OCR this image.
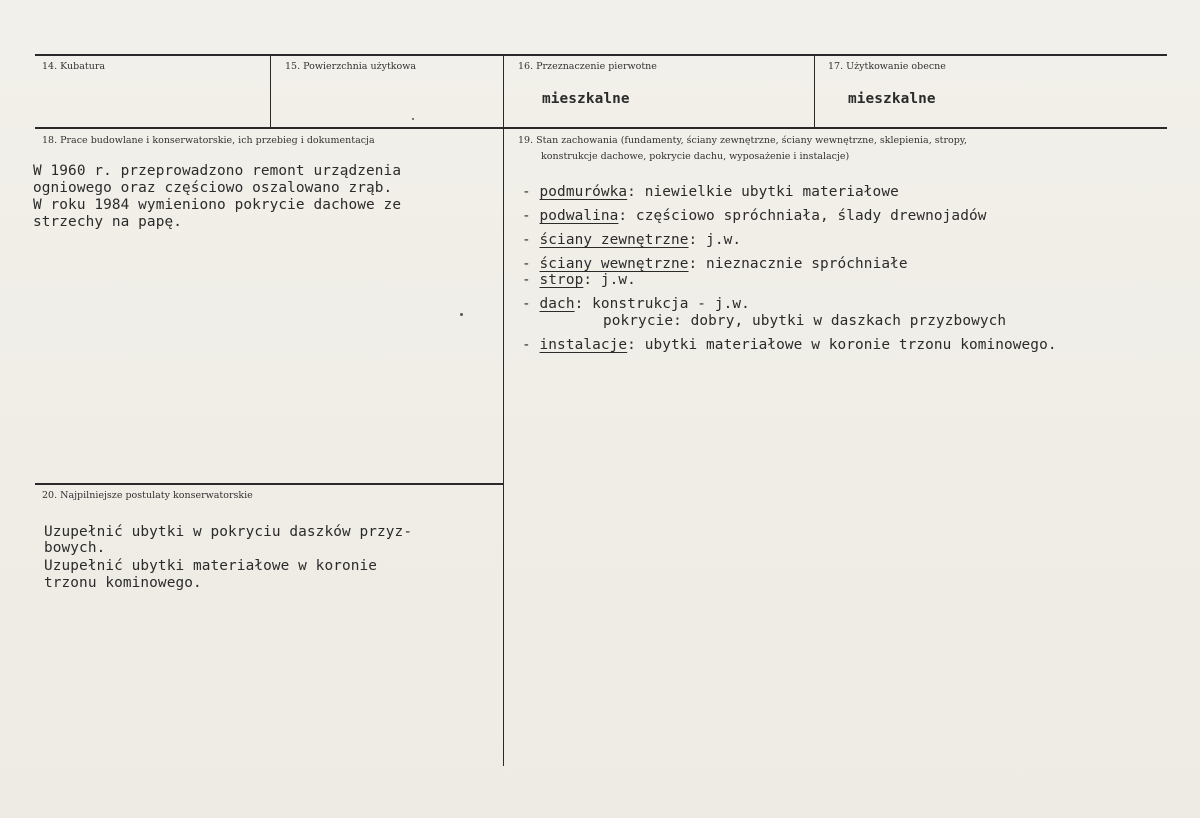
14. Kubatura	15. Powierzchnia użytkowa	16. Przeznaczenie pierwotne
mieszkalne
17. Użytkowanie obecne
mieszkalne
18. Prace budowlane i konserwatorskie, ich przebieg i dokumentacja
W 1960 r. przeprowadzono remont urządzenia
ogniowego oraz częściowo oszalowano zrąb.
W roku 1984 wymieniono pokrycie dachowe ze
strzechy na papę.
19. Stan zachowania (fundamenty, ściany zewnętrzne, ściany wewnętrzne, sklepienia, stropy,
konstrukcje dachowe, pokrycie dachu, wyposażenie i instalacje)
- podmurówka: niewielkie ubytki materiałowe
- podwalina: częściowo spróchniała, ślady drewnojadów
- ściany zewnętrzne: j.w.
- ściany wewnętrzne: nieznacznie spróchniałe
- strop: j.w.
- dach: konstrukcja - j.w.
pokrycie: dobry, ubytki w daszkach przyzbowych
- instalacje: ubytki materiałowe w koronie trzonu kominowego.
20. Najpilniejsze postulaty konserwatorskie
Uzupełnić ubytki w pokryciu daszków przyz-
bowych.
Uzupełnić ubytki materiałowe w koronie
trzonu kominowego.
